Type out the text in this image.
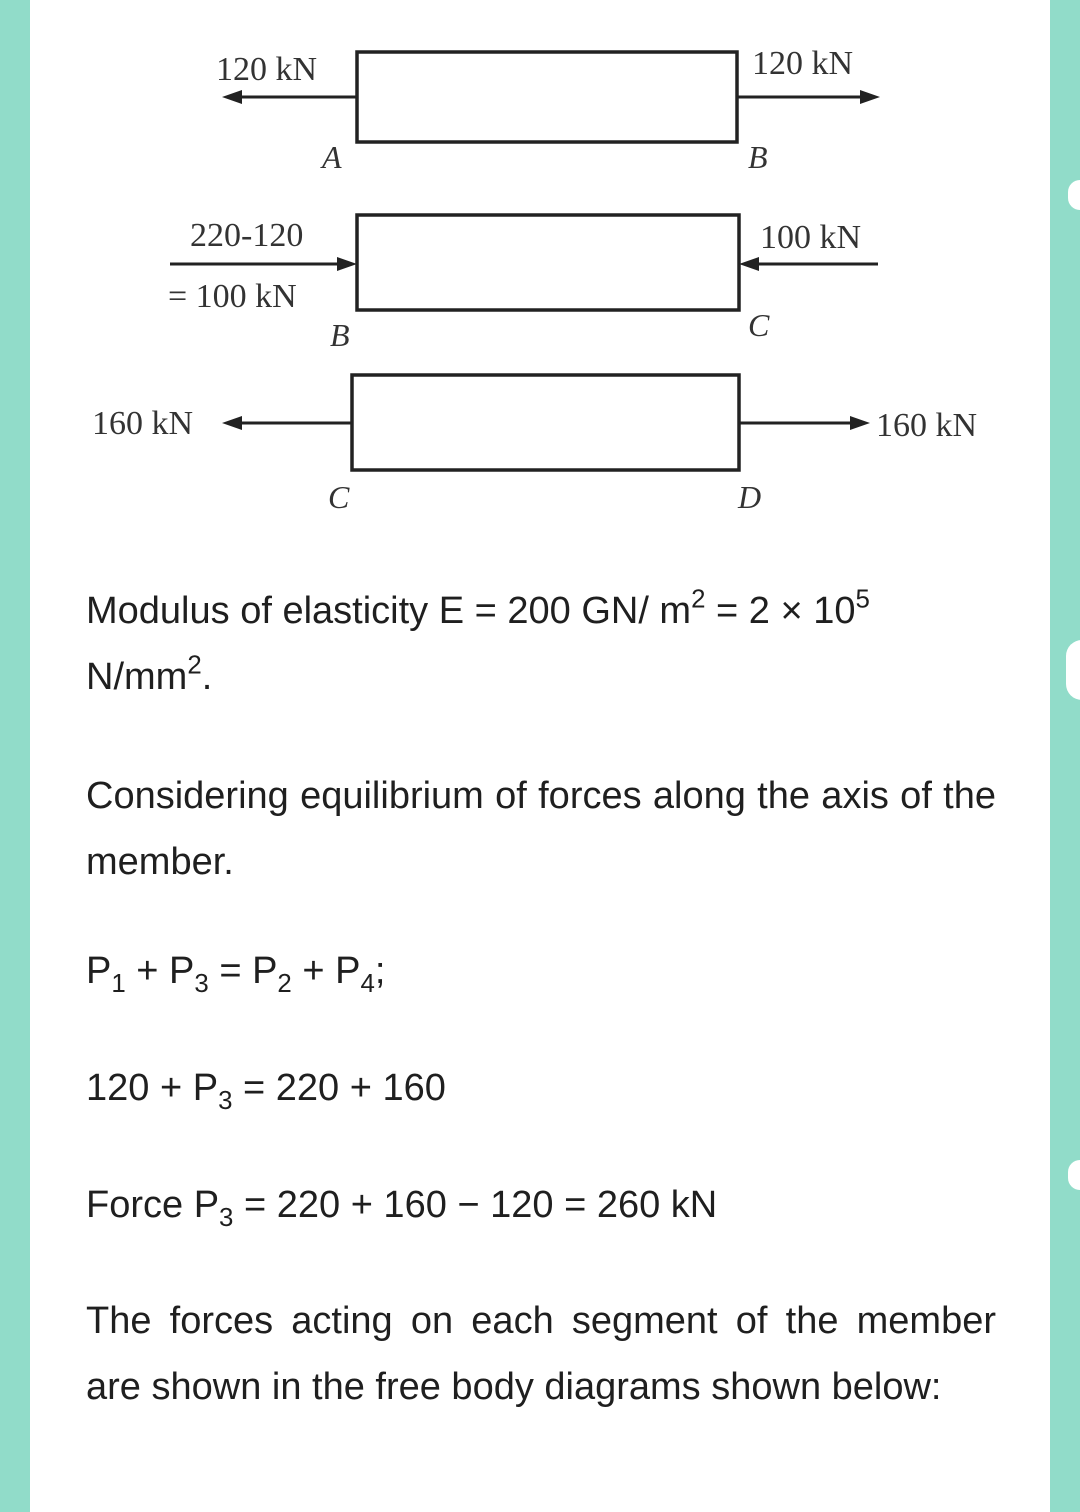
120 kN	120 kN
A	B
220-120
= 100 kN
100 kN
B	C
160 kN	160 kN
C	D

Modulus of elasticity E = 200 GN/ $m^2 = 2 \times 10^5$ $N/mm^2$.

Considering equilibrium of forces along the axis of the member.

$P_1 + P_3 = P_2 + P_4$;

$120 + P_3 = 220 + 160$

Force $P_3 = 220 + 160 - 120 = 260$ kN

The forces acting on each segment of the member are shown in the free body diagrams shown below:
